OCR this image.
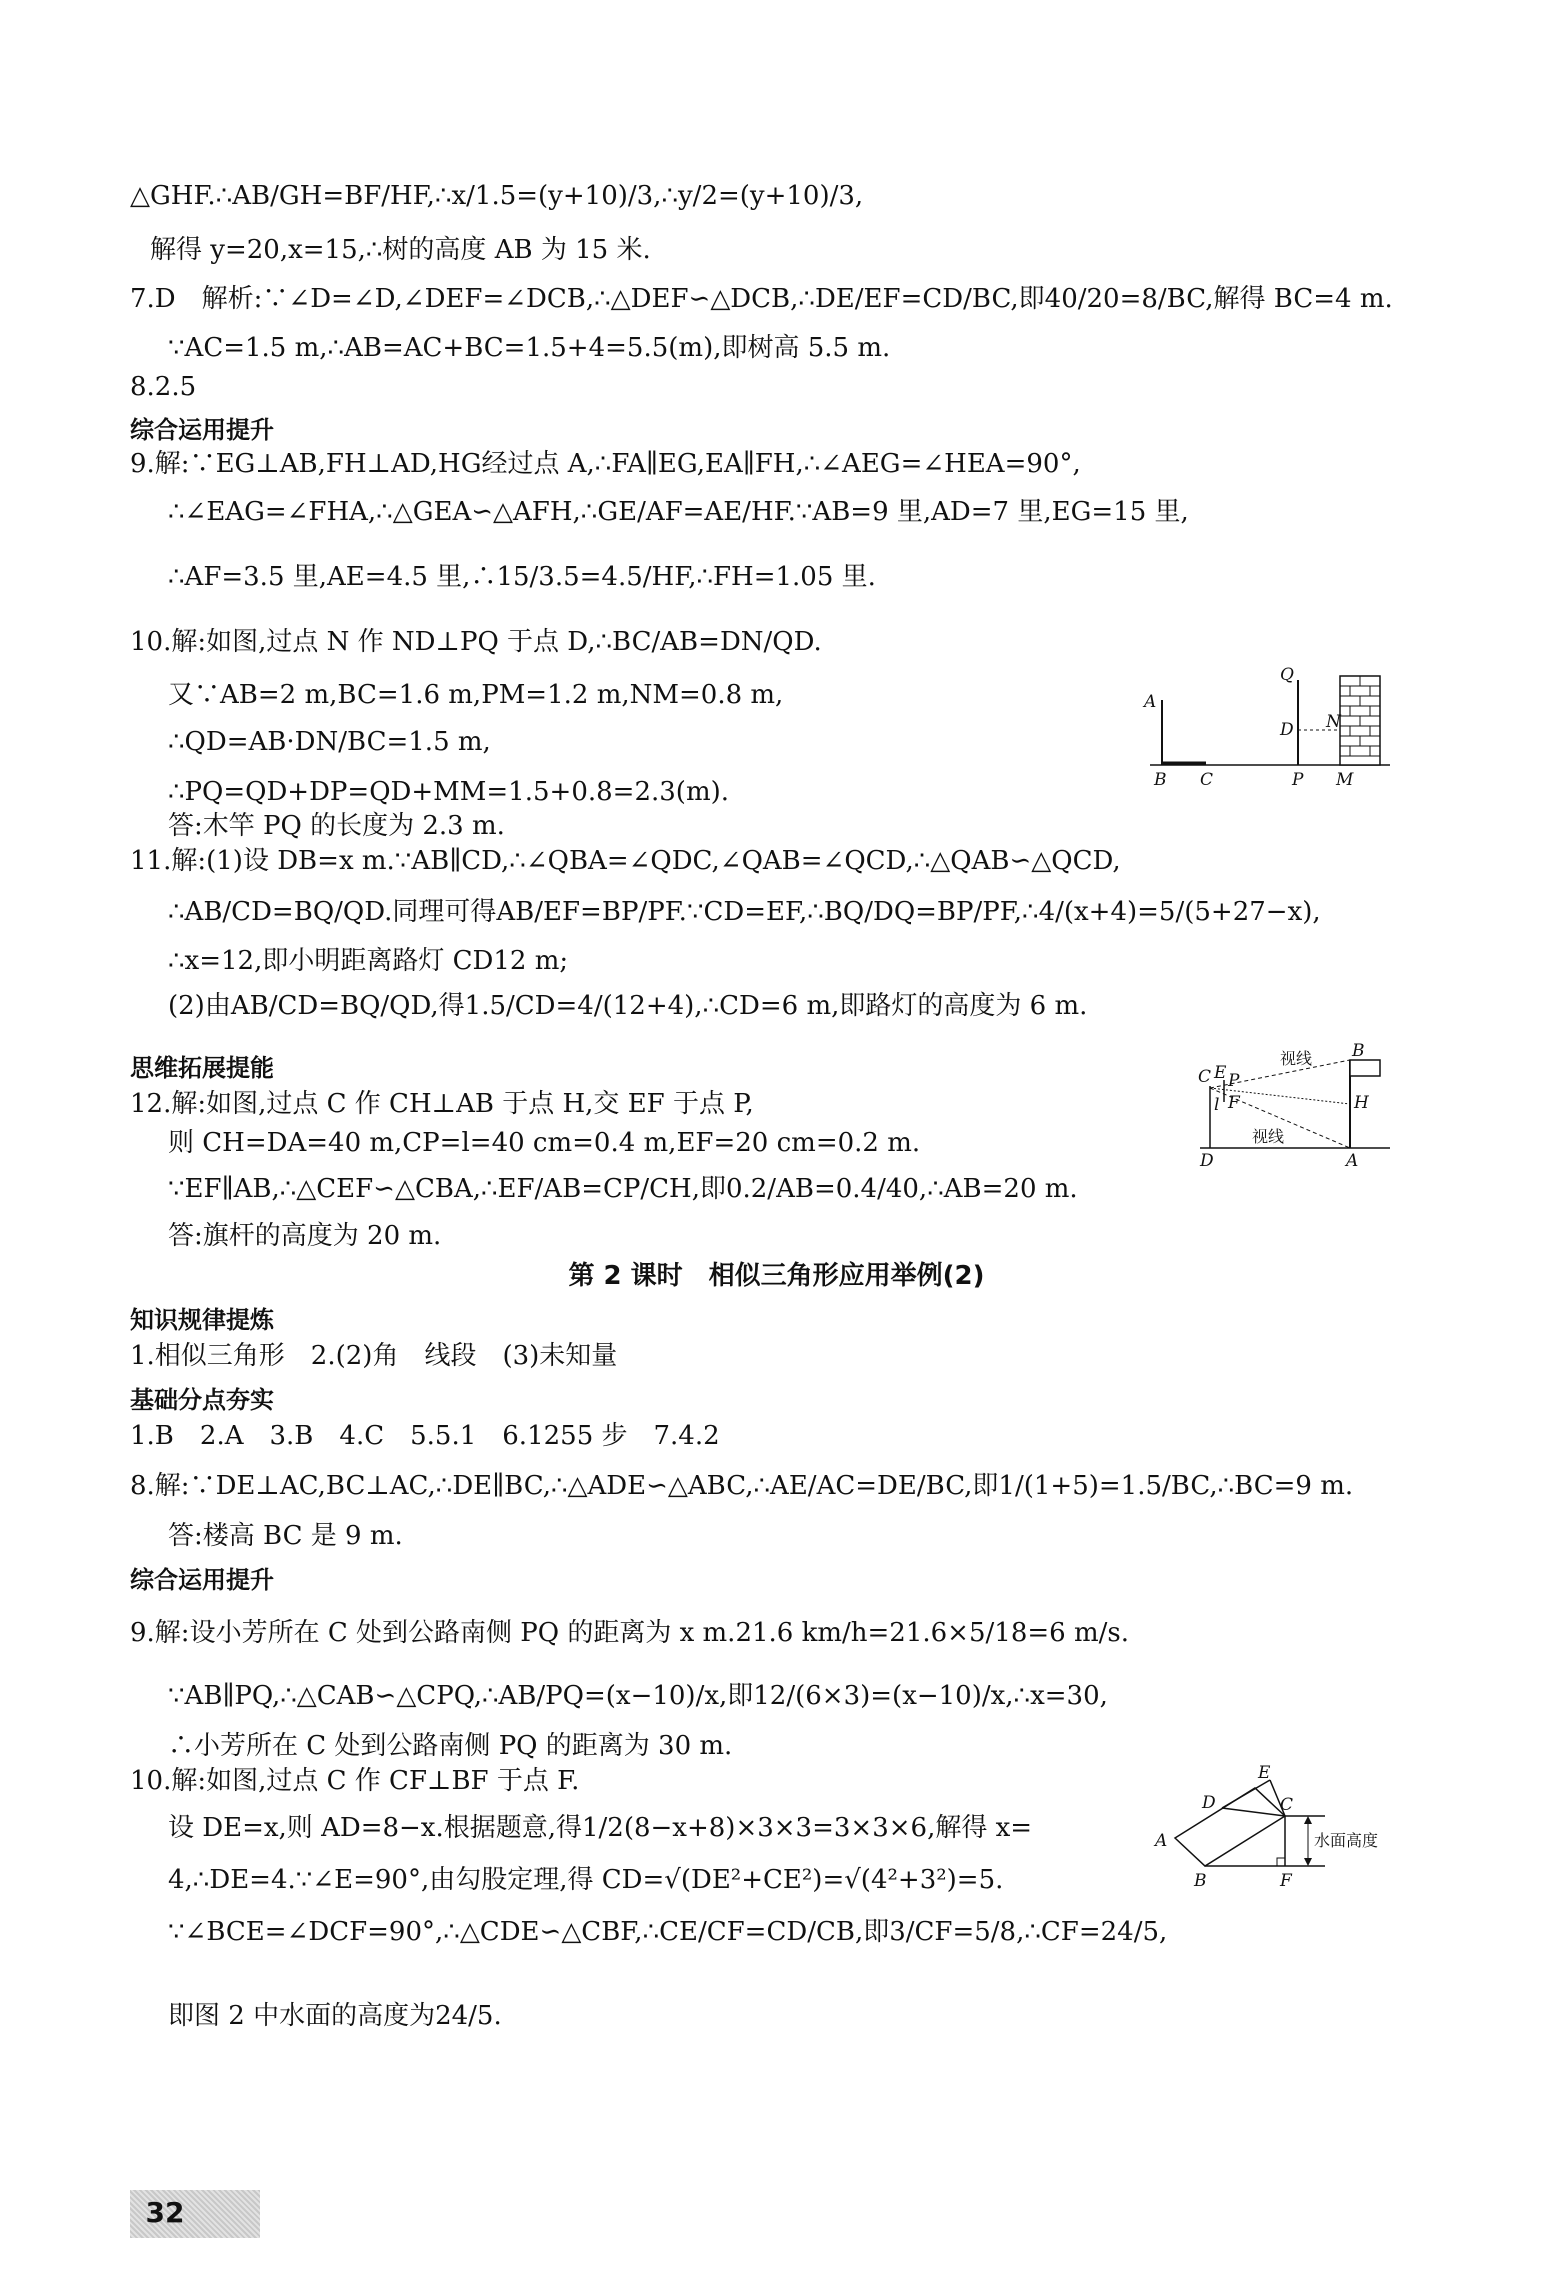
△GHF.∴AB/GH=BF/HF,∴x/1.5=(y+10)/3,∴y/2=(y+10)/3,
解得 y=20,x=15,∴树的高度 AB 为 15 米.
7.D　解析:∵∠D=∠D,∠DEF=∠DCB,∴△DEF∽△DCB,∴DE/EF=CD/BC,即40/20=8/BC,解得 BC=4 m.
∵AC=1.5 m,∴AB=AC+BC=1.5+4=5.5(m),即树高 5.5 m.
8.2.5
综合运用提升
9.解:∵EG⊥AB,FH⊥AD,HG经过点 A,∴FA∥EG,EA∥FH,∴∠AEG=∠HEA=90°,
∴∠EAG=∠FHA,∴△GEA∽△AFH,∴GE/AF=AE/HF.∵AB=9 里,AD=7 里,EG=15 里,
∴AF=3.5 里,AE=4.5 里,∴15/3.5=4.5/HF,∴FH=1.05 里.
10.解:如图,过点 N 作 ND⊥PQ 于点 D,∴BC/AB=DN/QD.
又∵AB=2 m,BC=1.6 m,PM=1.2 m,NM=0.8 m,
∴QD=AB·DN/BC=1.5 m,
∴PQ=QD+DP=QD+MM=1.5+0.8=2.3(m).
答:木竿 PQ 的长度为 2.3 m.
11.解:(1)设 DB=x m.∵AB∥CD,∴∠QBA=∠QDC,∠QAB=∠QCD,∴△QAB∽△QCD,
∴AB/CD=BQ/QD.同理可得AB/EF=BP/PF.∵CD=EF,∴BQ/DQ=BP/PF,∴4/(x+4)=5/(5+27−x),
∴x=12,即小明距离路灯 CD12 m;
(2)由AB/CD=BQ/QD,得1.5/CD=4/(12+4),∴CD=6 m,即路灯的高度为 6 m.
思维拓展提能
12.解:如图,过点 C 作 CH⊥AB 于点 H,交 EF 于点 P,
则 CH=DA=40 m,CP=l=40 cm=0.4 m,EF=20 cm=0.2 m.
∵EF∥AB,∴△CEF∽△CBA,∴EF/AB=CP/CH,即0.2/AB=0.4/40,∴AB=20 m.
答:旗杆的高度为 20 m.
第 2 课时　相似三角形应用举例(2)
知识规律提炼
1.相似三角形　2.(2)角　线段　(3)未知量
基础分点夯实
1.B　2.A　3.B　4.C　5.5.1　6.1255 步　7.4.2
8.解:∵DE⊥AC,BC⊥AC,∴DE∥BC,∴△ADE∽△ABC,∴AE/AC=DE/BC,即1/(1+5)=1.5/BC,∴BC=9 m.
答:楼高 BC 是 9 m.
综合运用提升
9.解:设小芳所在 C 处到公路南侧 PQ 的距离为 x m.21.6 km/h=21.6×5/18=6 m/s.
∵AB∥PQ,∴△CAB∽△CPQ,∴AB/PQ=(x−10)/x,即12/(6×3)=(x−10)/x,∴x=30,
∴小芳所在 C 处到公路南侧 PQ 的距离为 30 m.
10.解:如图,过点 C 作 CF⊥BF 于点 F.
设 DE=x,则 AD=8−x.根据题意,得1/2(8−x+8)×3×3=3×3×6,解得 x=
4,∴DE=4.∵∠E=90°,由勾股定理,得 CD=√(DE²+CE²)=√(4²+3²)=5.
∵∠BCE=∠DCF=90°,∴△CDE∽△CBF,∴CE/CF=CD/CB,即3/CF=5/8,∴CF=24/5,
即图 2 中水面的高度为24/5.
A
B C
Q
D N
P M
C E P
l F
B
H
D	A
视线
视线
E
D	C
A
B	F
水面高度
32
